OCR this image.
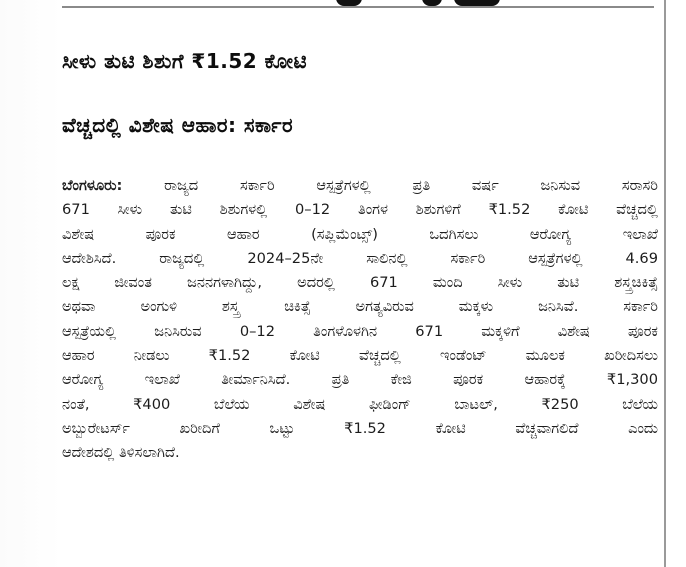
ಸೀಳು ತುಟಿ ಶಿಶುಗೆ ₹1.52 ಕೋಟಿ
ವೆಚ್ಚದಲ್ಲಿ ವಿಶೇಷ ಆಹಾರ: ಸರ್ಕಾರ
ಬೆಂಗಳೂರು: ರಾಜ್ಯದ ಸರ್ಕಾರಿ ಆಸ್ಪತ್ರೆಗಳಲ್ಲಿ ಪ್ರತಿ ವರ್ಷ ಜನಿಸುವ ಸರಾಸರಿ
671 ಸೀಳು ತುಟಿ ಶಿಶುಗಳಲ್ಲಿ 0–12 ತಿಂಗಳ ಶಿಶುಗಳಿಗೆ ₹1.52 ಕೋಟಿ ವೆಚ್ಚದಲ್ಲಿ
ವಿಶೇಷ ಪೂರಕ ಆಹಾರ (ಸಪ್ಲಿಮೆಂಟ್ಸ್) ಒದಗಿಸಲು ಆರೋಗ್ಯ ಇಲಾಖೆ
ಆದೇಶಿಸಿದೆ. ರಾಜ್ಯದಲ್ಲಿ 2024–25ನೇ ಸಾಲಿನಲ್ಲಿ ಸರ್ಕಾರಿ ಆಸ್ಪತ್ರೆಗಳಲ್ಲಿ 4.69
ಲಕ್ಷ ಜೀವಂತ ಜನನಗಳಾಗಿದ್ದು, ಅದರಲ್ಲಿ 671 ಮಂದಿ ಸೀಳು ತುಟಿ ಶಸ್ತ್ರಚಿಕಿತ್ಸೆ
ಅಥವಾ ಅಂಗುಳಿ ಶಸ್ತ್ರ ಚಿಕಿತ್ಸೆ ಅಗತ್ಯವಿರುವ ಮಕ್ಕಳು ಜನಿಸಿವೆ. ಸರ್ಕಾರಿ
ಆಸ್ಪತ್ರೆಯಲ್ಲಿ ಜನಿಸಿರುವ 0–12 ತಿಂಗಳೊಳಗಿನ 671 ಮಕ್ಕಳಿಗೆ ವಿಶೇಷ ಪೂರಕ
ಆಹಾರ ನೀಡಲು ₹1.52 ಕೋಟಿ ವೆಚ್ಚದಲ್ಲಿ ಇಂಡೆಂಟ್ ಮೂಲಕ ಖರೀದಿಸಲು
ಆರೋಗ್ಯ ಇಲಾಖೆ ತೀರ್ಮಾನಿಸಿದೆ. ಪ್ರತಿ ಕೇಜಿ ಪೂರಕ ಆಹಾರಕ್ಕೆ ₹1,300
ನಂತೆ, ₹400 ಬೆಲೆಯ ವಿಶೇಷ ಫೀಡಿಂಗ್ ಬಾಟಲ್, ₹250 ಬೆಲೆಯ
ಅಬ್ಬುರೇಟರ್ಸ್ ಖರೀದಿಗೆ ಒಟ್ಟು ₹1.52 ಕೋಟಿ ವೆಚ್ಚವಾಗಲಿದೆ ಎಂದು
ಆದೇಶದಲ್ಲಿ ತಿಳಿಸಲಾಗಿದೆ.
